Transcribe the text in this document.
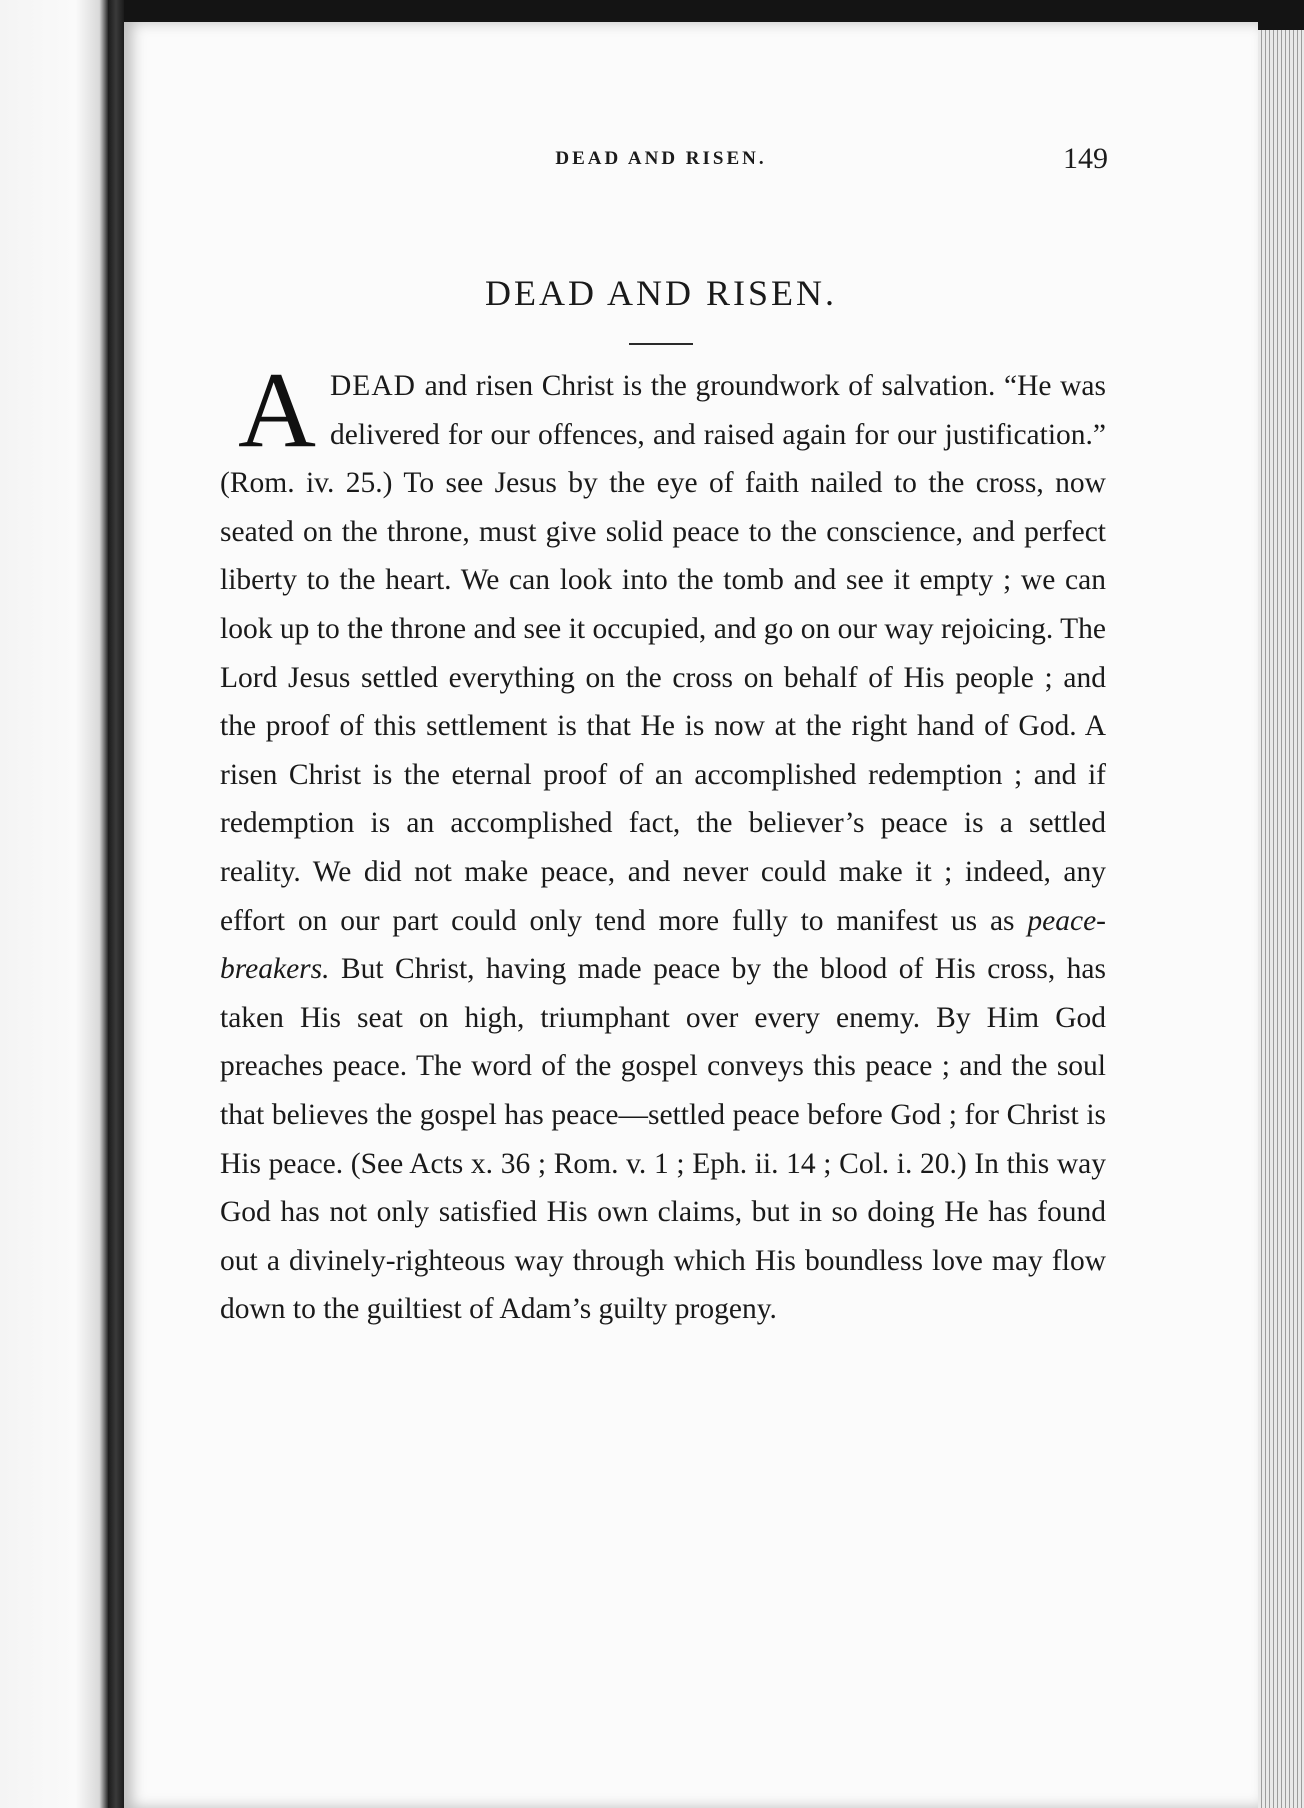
DEAD AND RISEN.	149
DEAD AND RISEN.
ADEAD and risen Christ is the groundwork of salvation. “He was delivered for our offences, and raised again for our justification.” (Rom. iv. 25.) To see Jesus by the eye of faith nailed to the cross, now seated on the throne, must give solid peace to the conscience, and perfect liberty to the heart. We can look into the tomb and see it empty ; we can look up to the throne and see it occupied, and go on our way rejoicing. The Lord Jesus settled everything on the cross on behalf of His people ; and the proof of this settlement is that He is now at the right hand of God. A risen Christ is the eternal proof of an accomplished redemption ; and if redemption is an accomplished fact, the believer’s peace is a settled reality. We did not make peace, and never could make it ; indeed, any effort on our part could only tend more fully to manifest us as peace-breakers. But Christ, having made peace by the blood of His cross, has taken His seat on high, triumphant over every enemy. By Him God preaches peace. The word of the gospel conveys this peace ; and the soul that believes the gospel has peace—settled peace before God ; for Christ is His peace. (See Acts x. 36 ; Rom. v. 1 ; Eph. ii. 14 ; Col. i. 20.) In this way God has not only satisfied His own claims, but in so doing He has found out a divinely-righteous way through which His boundless love may flow down to the guiltiest of Adam’s guilty progeny.
